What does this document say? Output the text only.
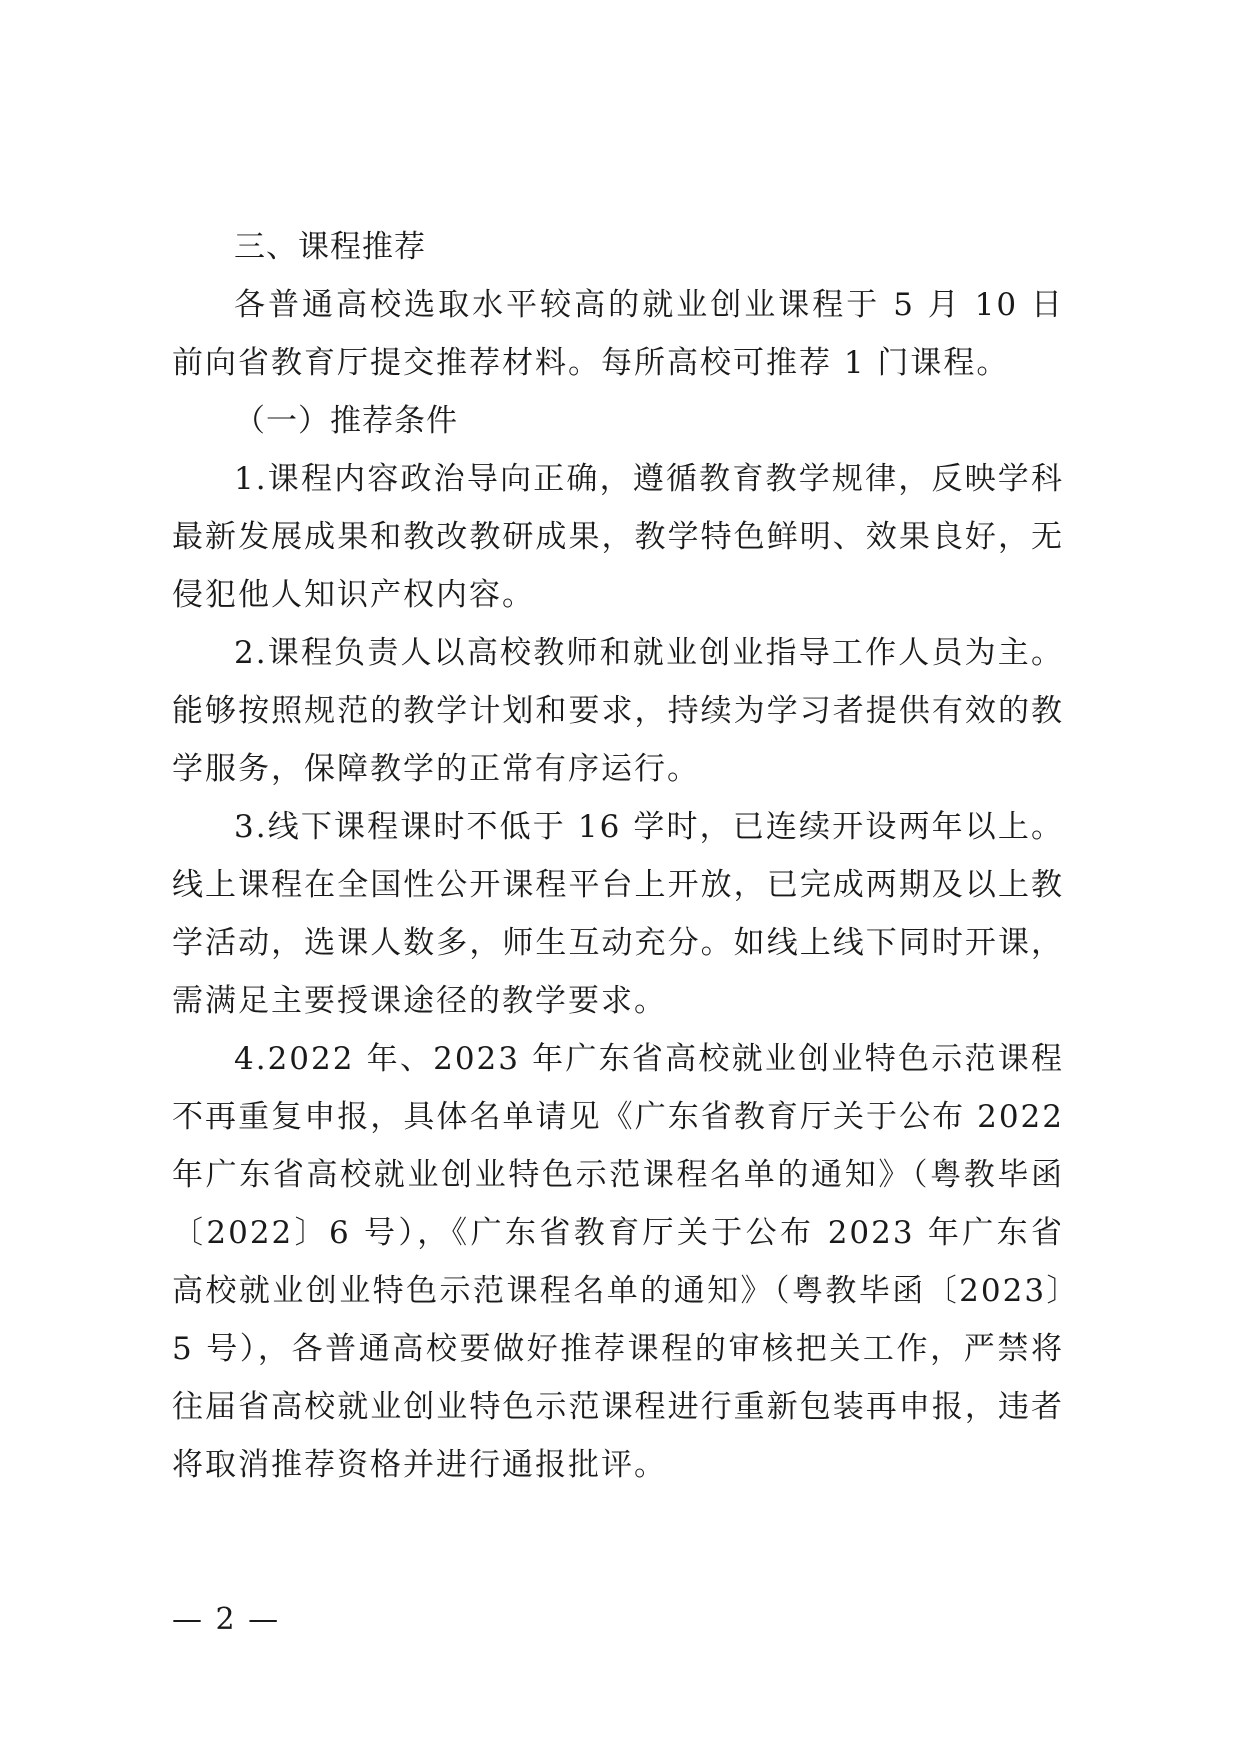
三、课程推荐

各普通高校选取水平较高的就业创业课程于 5 月 10 日前向省教育厅提交推荐材料。每所高校可推荐 1 门课程。

（一）推荐条件

1.课程内容政治导向正确，遵循教育教学规律，反映学科最新发展成果和教改教研成果，教学特色鲜明、效果良好，无侵犯他人知识产权内容。

2.课程负责人以高校教师和就业创业指导工作人员为主。能够按照规范的教学计划和要求，持续为学习者提供有效的教学服务，保障教学的正常有序运行。

3.线下课程课时不低于 16 学时，已连续开设两年以上。线上课程在全国性公开课程平台上开放，已完成两期及以上教学活动，选课人数多，师生互动充分。如线上线下同时开课，需满足主要授课途径的教学要求。

4.2022 年、2023 年广东省高校就业创业特色示范课程不再重复申报，具体名单请见《广东省教育厅关于公布 2022 年广东省高校就业创业特色示范课程名单的通知》（粤教毕函〔2022〕6 号），《广东省教育厅关于公布 2023 年广东省高校就业创业特色示范课程名单的通知》（粤教毕函〔2023〕5 号），各普通高校要做好推荐课程的审核把关工作，严禁将往届省高校就业创业特色示范课程进行重新包装再申报，违者将取消推荐资格并进行通报批评。

— 2 —
